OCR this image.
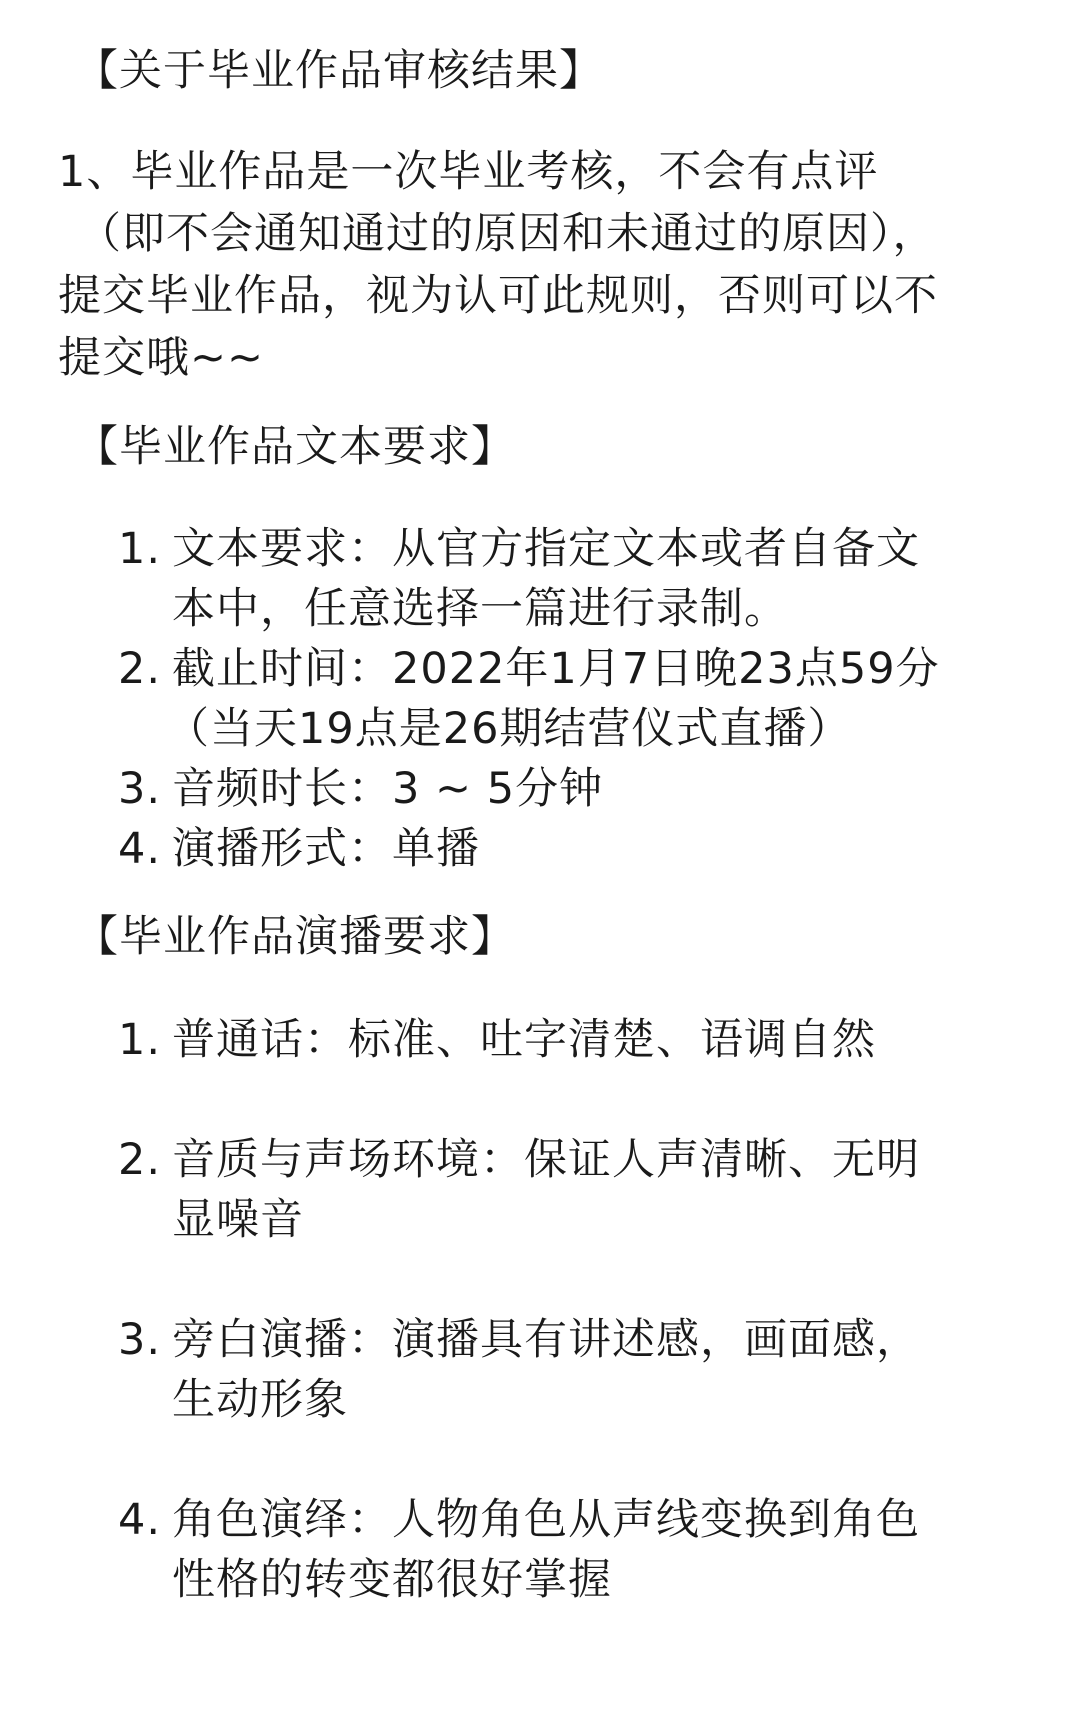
【关于毕业作品审核结果】
1、毕业作品是一次毕业考核，不会有点评
（即不会通知通过的原因和未通过的原因），
提交毕业作品，视为认可此规则，否则可以不
提交哦~~
【毕业作品文本要求】
1. 文本要求：从官方指定文本或者自备文
本中，任意选择一篇进行录制。
2. 截止时间：2022年1月7日晚23点59分
（当天19点是26期结营仪式直播）
3. 音频时长：3 ~ 5分钟
4. 演播形式：单播
【毕业作品演播要求】
1. 普通话：标准、吐字清楚、语调自然
2. 音质与声场环境：保证人声清晰、无明
显噪音
3. 旁白演播：演播具有讲述感，画面感，
生动形象
4. 角色演绎：人物角色从声线变换到角色
性格的转变都很好掌握
